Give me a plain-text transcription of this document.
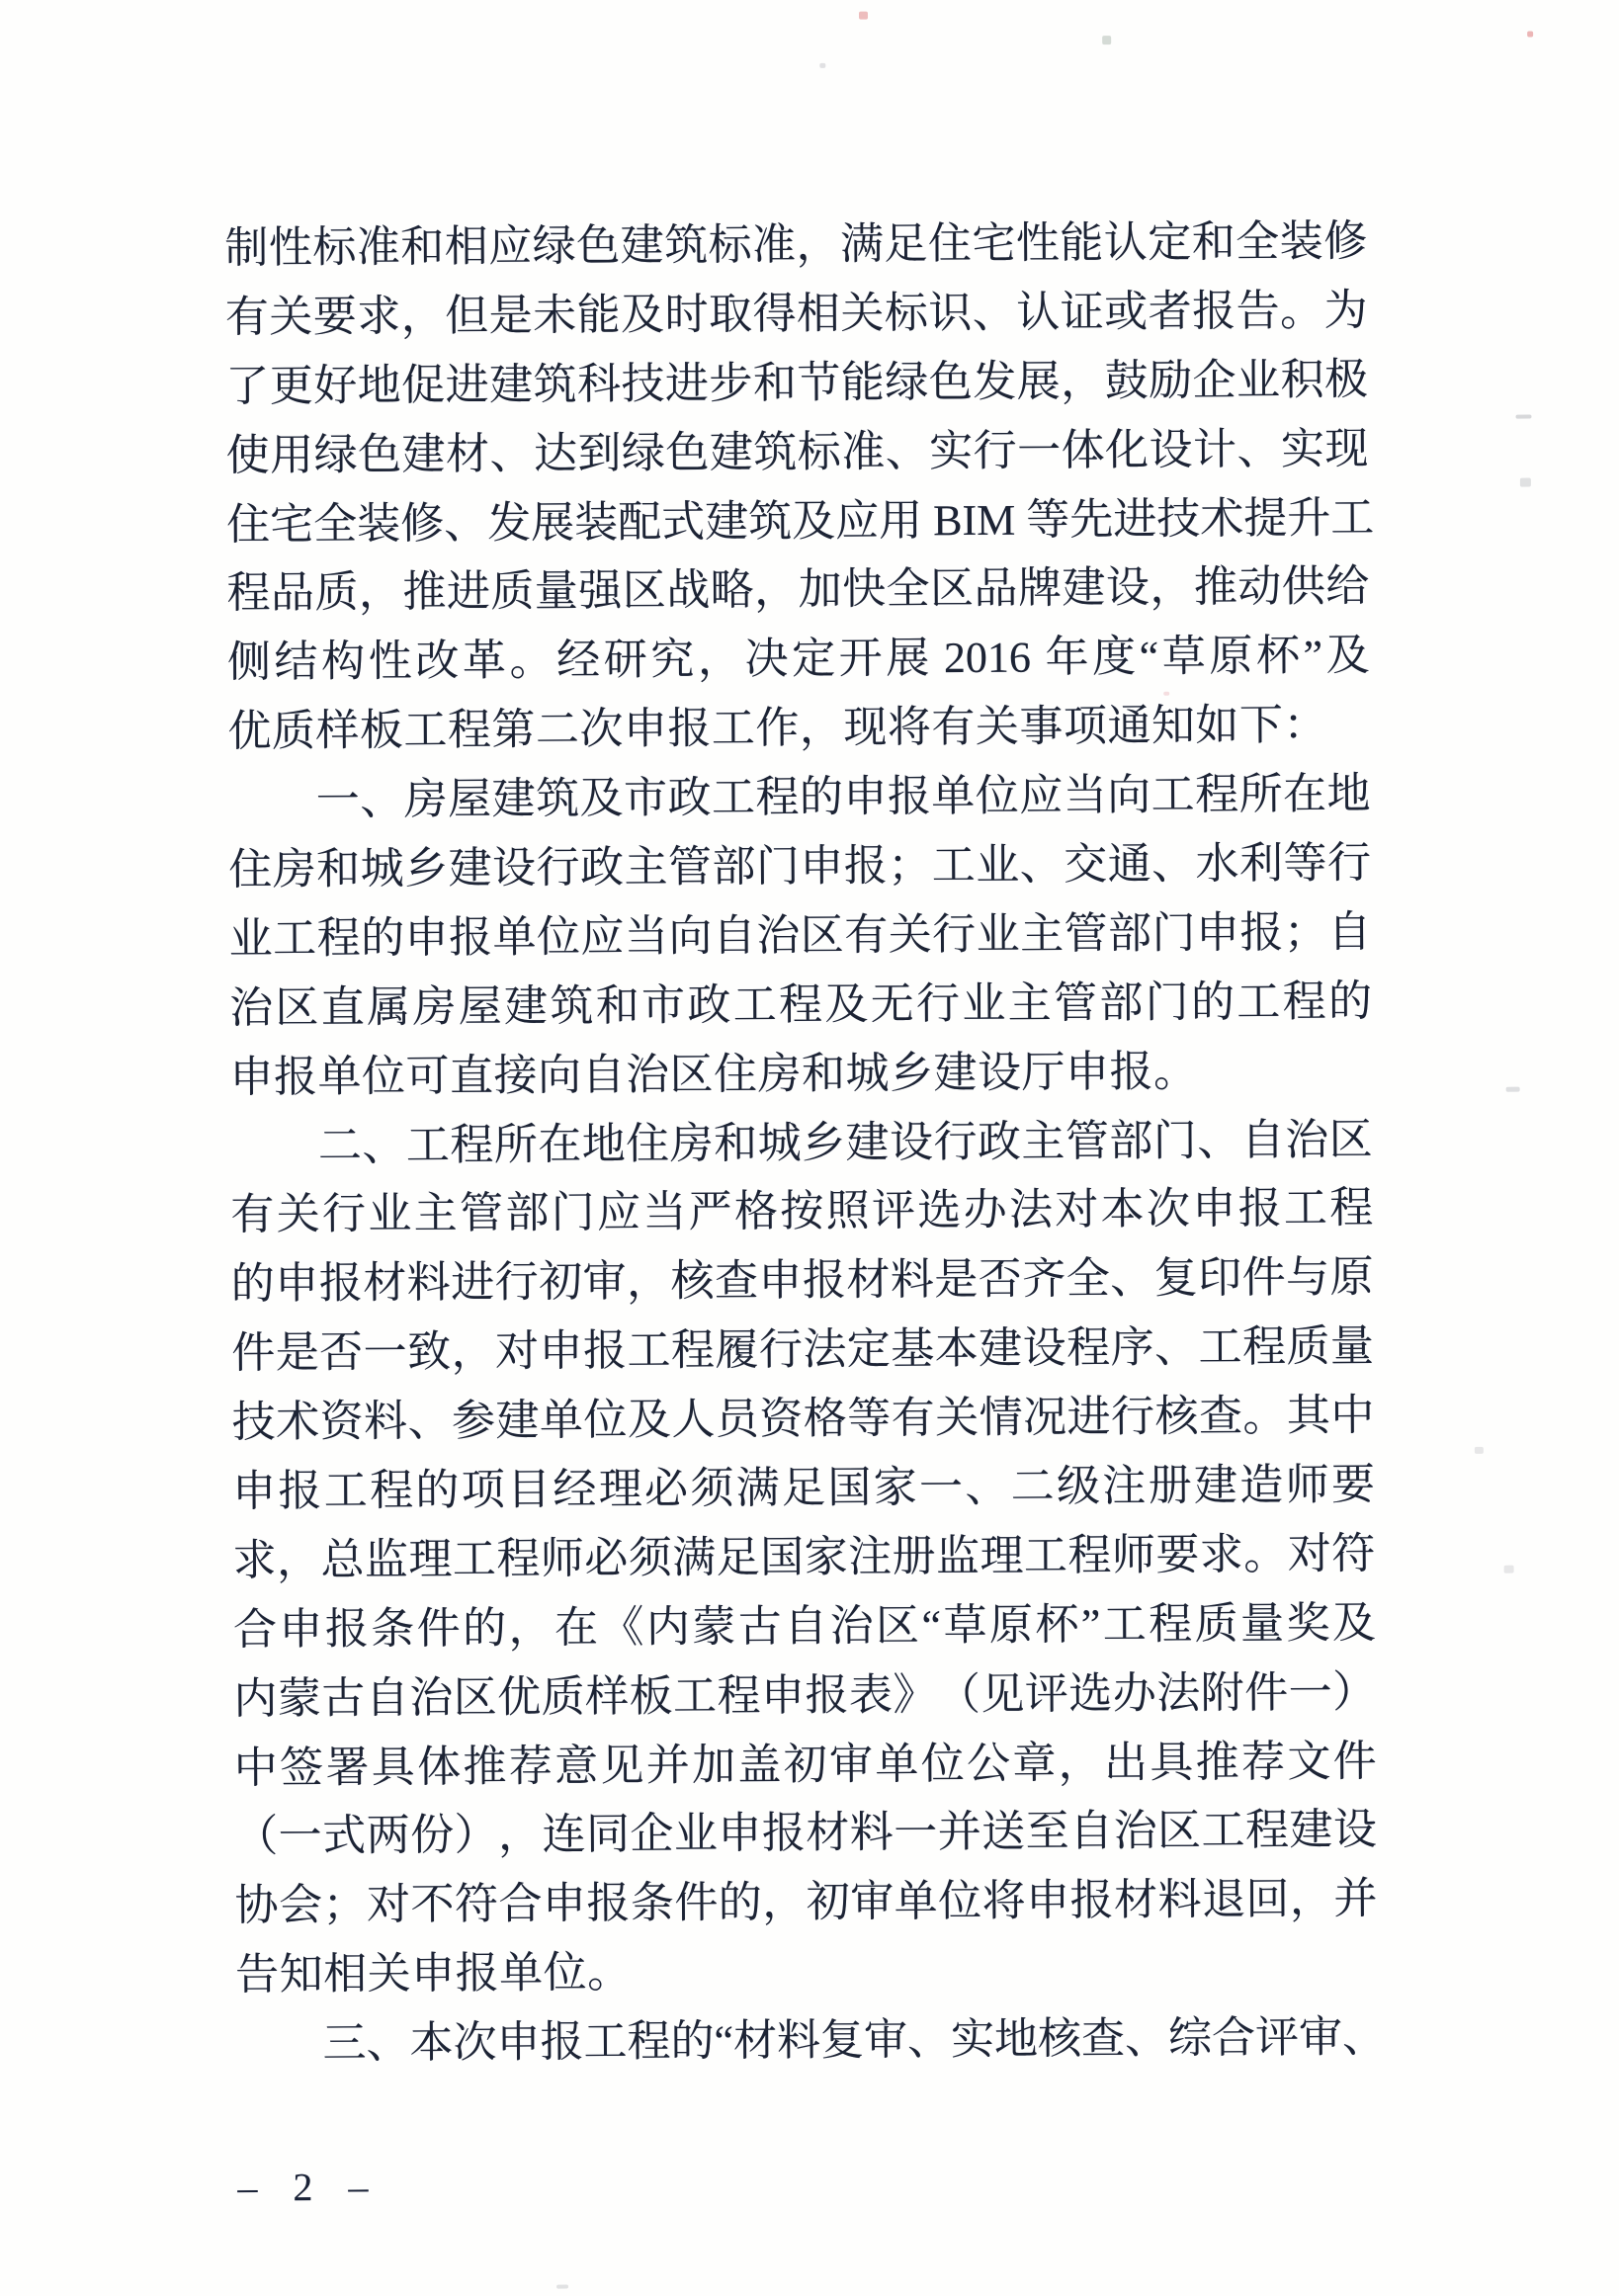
制 性 标 准 和 相 应 绿 色 建 筑 标 准 ， 满 足 住 宅 性 能 认 定 和 全 装 修
有 关 要 求 ， 但 是 未 能 及 时 取 得 相 关 标 识 、 认 证 或 者 报 告 。 为
了 更 好 地 促 进 建 筑 科 技 进 步 和 节 能 绿 色 发 展 ， 鼓 励 企 业 积 极
使 用 绿 色 建 材 、 达 到 绿 色 建 筑 标 准 、 实 行 一 体 化 设 计 、 实 现
住 宅 全 装 修 、 发 展 装 配 式 建 筑 及 应 用 BIM 等 先 进 技 术 提 升 工
程 品 质 ， 推 进 质 量 强 区 战 略 ， 加 快 全 区 品 牌 建 设 ， 推 动 供 给
侧 结 构 性 改 革 。 经 研 究 ， 决 定 开 展 2016 年 度 “ 草 原 杯 ” 及
优质样板工程第二次申报工作，现将有关事项通知如下：

一 、 房 屋 建 筑 及 市 政 工 程 的 申 报 单 位 应 当 向 工 程 所 在 地
住 房 和 城 乡 建 设 行 政 主 管 部 门 申 报 ； 工 业 、 交 通 、 水 利 等 行
业 工 程 的 申 报 单 位 应 当 向 自 治 区 有 关 行 业 主 管 部 门 申 报 ； 自
治 区 直 属 房 屋 建 筑 和 市 政 工 程 及 无 行 业 主 管 部 门 的 工 程 的
申报单位可直接向自治区住房和城乡建设厅申报。

二 、 工 程 所 在 地 住 房 和 城 乡 建 设 行 政 主 管 部 门 、 自 治 区
有 关 行 业 主 管 部 门 应 当 严 格 按 照 评 选 办 法 对 本 次 申 报 工 程
的 申 报 材 料 进 行 初 审 ， 核 查 申 报 材 料 是 否 齐 全 、 复 印 件 与 原
件 是 否 一 致 ， 对 申 报 工 程 履 行 法 定 基 本 建 设 程 序 、 工 程 质 量
技 术 资 料 、 参 建 单 位 及 人 员 资 格 等 有 关 情 况 进 行 核 查 。 其 中
申 报 工 程 的 项 目 经 理 必 须 满 足 国 家 一 、 二 级 注 册 建 造 师 要
求 ， 总 监 理 工 程 师 必 须 满 足 国 家 注 册 监 理 工 程 师 要 求 。 对 符
合 申 报 条 件 的 ， 在 《 内 蒙 古 自 治 区 “ 草 原 杯 ” 工 程 质 量 奖 及
内 蒙 古 自 治 区 优 质 样 板 工 程 申 报 表 》 （ 见 评 选 办 法 附 件 一 ）
中 签 署 具 体 推 荐 意 见 并 加 盖 初 审 单 位 公 章 ， 出 具 推 荐 文 件
（ 一 式 两 份 ） ， 连 同 企 业 申 报 材 料 一 并 送 至 自 治 区 工 程 建 设
协 会 ； 对 不 符 合 申 报 条 件 的 ， 初 审 单 位 将 申 报 材 料 退 回 ， 并
告知相关申报单位。

三 、 本 次 申 报 工 程 的 “ 材 料 复 审 、 实 地 核 查 、 综 合 评 审 、
– 2 –
